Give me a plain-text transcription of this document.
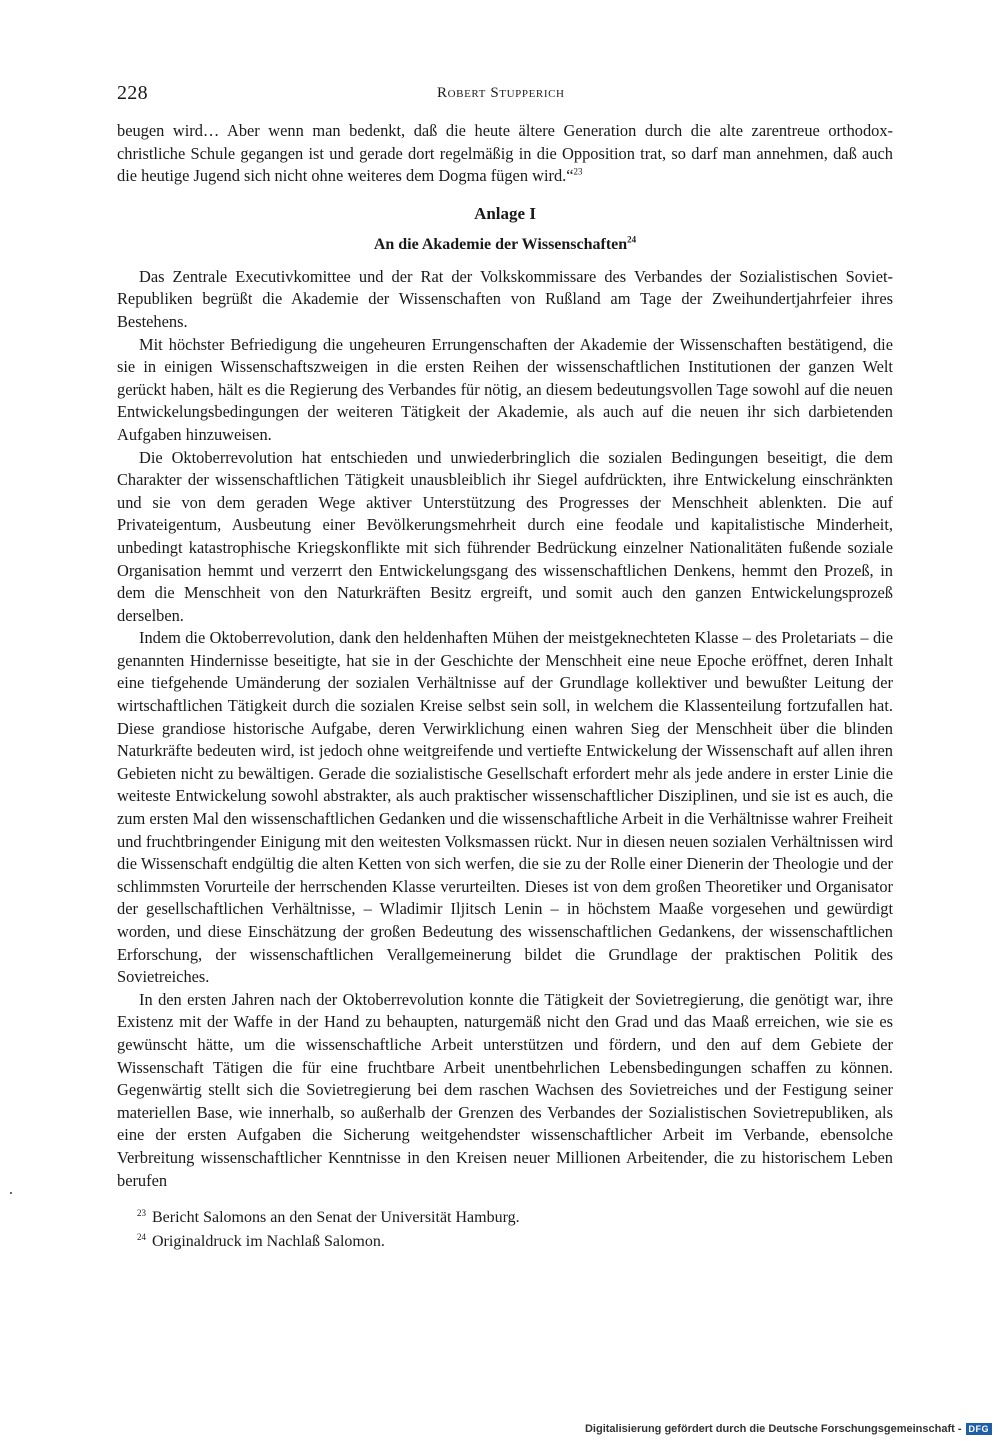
228	Robert Stupperich

beugen wird… Aber wenn man bedenkt, daß die heute ältere Generation durch die alte zarentreue orthodox-christliche Schule gegangen ist und gerade dort regelmäßig in die Opposition trat, so darf man annehmen, daß auch die heutige Jugend sich nicht ohne weiteres dem Dogma fügen wird.“$^{23}$

Anlage I
An die Akademie der Wissenschaften$^{24}$

Das Zentrale Executivkomittee und der Rat der Volkskommissare des Verbandes der Sozialistischen Soviet-Republiken begrüßt die Akademie der Wissenschaften von Rußland am Tage der Zweihundertjahrfeier ihres Bestehens.

Mit höchster Befriedigung die ungeheuren Errungenschaften der Akademie der Wissenschaften bestätigend, die sie in einigen Wissenschaftszweigen in die ersten Reihen der wissenschaftlichen Institutionen der ganzen Welt gerückt haben, hält es die Regierung des Verbandes für nötig, an diesem bedeutungsvollen Tage sowohl auf die neuen Entwickelungsbedingungen der weiteren Tätigkeit der Akademie, als auch auf die neuen ihr sich darbietenden Aufgaben hinzuweisen.

Die Oktoberrevolution hat entschieden und unwiederbringlich die sozialen Bedingungen beseitigt, die dem Charakter der wissenschaftlichen Tätigkeit unausbleiblich ihr Siegel aufdrückten, ihre Entwickelung einschränkten und sie von dem geraden Wege aktiver Unterstützung des Progresses der Menschheit ablenkten. Die auf Privateigentum, Ausbeutung einer Bevölkerungsmehrheit durch eine feodale und kapitalistische Minderheit, unbedingt katastrophische Kriegskonflikte mit sich führender Bedrückung einzelner Nationalitäten fußende soziale Organisation hemmt und verzerrt den Entwickelungsgang des wissenschaftlichen Denkens, hemmt den Prozeß, in dem die Menschheit von den Naturkräften Besitz ergreift, und somit auch den ganzen Entwickelungsprozeß derselben.

Indem die Oktoberrevolution, dank den heldenhaften Mühen der meistgeknechteten Klasse – des Proletariats – die genannten Hindernisse beseitigte, hat sie in der Geschichte der Menschheit eine neue Epoche eröffnet, deren Inhalt eine tiefgehende Umänderung der sozialen Verhältnisse auf der Grundlage kollektiver und bewußter Leitung der wirtschaftlichen Tätigkeit durch die sozialen Kreise selbst sein soll, in welchem die Klassenteilung fortzufallen hat. Diese grandiose historische Aufgabe, deren Verwirklichung einen wahren Sieg der Menschheit über die blinden Naturkräfte bedeuten wird, ist jedoch ohne weitgreifende und vertiefte Entwickelung der Wissenschaft auf allen ihren Gebieten nicht zu bewältigen. Gerade die sozialistische Gesellschaft erfordert mehr als jede andere in erster Linie die weiteste Entwickelung sowohl abstrakter, als auch praktischer wissenschaftlicher Disziplinen, und sie ist es auch, die zum ersten Mal den wissenschaftlichen Gedanken und die wissenschaftliche Arbeit in die Verhältnisse wahrer Freiheit und fruchtbringender Einigung mit den weitesten Volksmassen rückt. Nur in diesen neuen sozialen Verhältnissen wird die Wissenschaft endgültig die alten Ketten von sich werfen, die sie zu der Rolle einer Dienerin der Theologie und der schlimmsten Vorurteile der herrschenden Klasse verurteilten. Dieses ist von dem großen Theoretiker und Organisator der gesellschaftlichen Verhältnisse, – Wladimir Iljitsch Lenin – in höchstem Maaße vorgesehen und gewürdigt worden, und diese Einschätzung der großen Bedeutung des wissenschaftlichen Gedankens, der wissenschaftlichen Erforschung, der wissenschaftlichen Verallgemeinerung bildet die Grundlage der praktischen Politik des Sovietreiches.

In den ersten Jahren nach der Oktoberrevolution konnte die Tätigkeit der Sovietregierung, die genötigt war, ihre Existenz mit der Waffe in der Hand zu behaupten, naturgemäß nicht den Grad und das Maaß erreichen, wie sie es gewünscht hätte, um die wissenschaftliche Arbeit unterstützen und fördern, und den auf dem Gebiete der Wissenschaft Tätigen die für eine fruchtbare Arbeit unentbehrlichen Lebensbedingungen schaffen zu können. Gegenwärtig stellt sich die Sovietregierung bei dem raschen Wachsen des Sovietreiches und der Festigung seiner materiellen Base, wie innerhalb, so außerhalb der Grenzen des Verbandes der Sozialistischen Sovietrepubliken, als eine der ersten Aufgaben die Sicherung weitgehendster wissenschaftlicher Arbeit im Verbande, ebensolche Verbreitung wissenschaftlicher Kenntnisse in den Kreisen neuer Millionen Arbeitender, die zu historischem Leben berufen

$^{23}$ Bericht Salomons an den Senat der Universität Hamburg.

$^{24}$ Originaldruck im Nachlaß Salomon.

Digitalisierung gefördert durch die Deutsche Forschungsgemeinschaft - DFG
